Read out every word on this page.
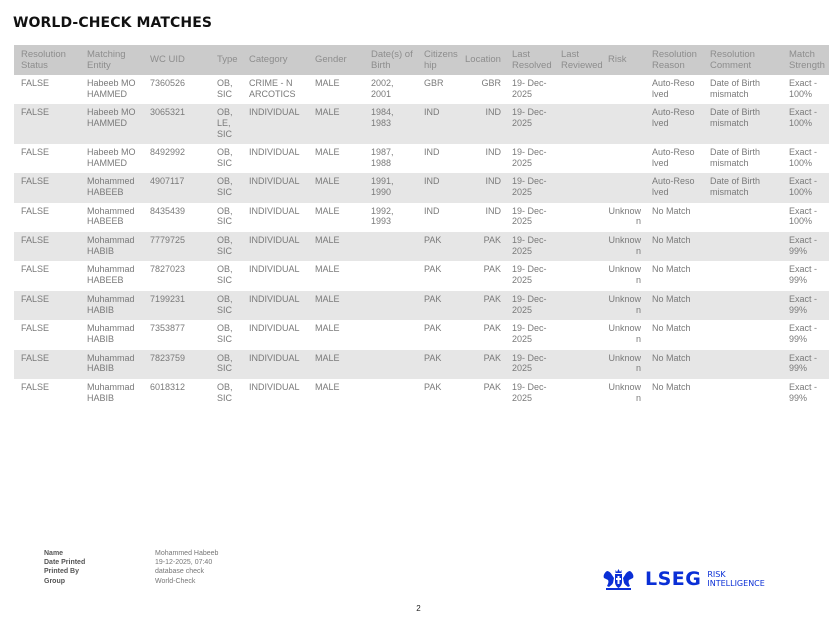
WORLD-CHECK MATCHES
Resolution Status	Matching Entity	WC UID	Type	Category	Gender	Date(s) of Birth	Citizens hip	Location	Last Resolved	Last Reviewed	Risk	Resolution Reason	Resolution Comment	Match Strength
FALSE	Habeeb MO HAMMED	7360526	OB, SIC	CRIME - N ARCOTICS	MALE	2002, 2001	GBR	GBR	19- Dec-2025			Auto-Reso lved	Date of Birth mismatch	Exact - 100%
FALSE	Habeeb MO HAMMED	3065321	OB, LE, SIC	INDIVIDUAL	MALE	1984, 1983	IND	IND	19- Dec-2025			Auto-Reso lved	Date of Birth mismatch	Exact - 100%
FALSE	Habeeb MO HAMMED	8492992	OB, SIC	INDIVIDUAL	MALE	1987, 1988	IND	IND	19- Dec-2025			Auto-Reso lved	Date of Birth mismatch	Exact - 100%
FALSE	Mohammed HABEEB	4907117	OB, SIC	INDIVIDUAL	MALE	1991, 1990	IND	IND	19- Dec-2025			Auto-Reso lved	Date of Birth mismatch	Exact - 100%
FALSE	Mohammed HABEEB	8435439	OB, SIC	INDIVIDUAL	MALE	1992, 1993	IND	IND	19- Dec-2025		Unknown	No Match		Exact - 100%
FALSE	Mohammad HABIB	7779725	OB, SIC	INDIVIDUAL	MALE		PAK	PAK	19- Dec-2025		Unknown	No Match		Exact - 99%
FALSE	Muhammad HABEEB	7827023	OB, SIC	INDIVIDUAL	MALE		PAK	PAK	19- Dec-2025		Unknown	No Match		Exact - 99%
FALSE	Muhammad HABIB	7199231	OB, SIC	INDIVIDUAL	MALE		PAK	PAK	19- Dec-2025		Unknown	No Match		Exact - 99%
FALSE	Muhammad HABIB	7353877	OB, SIC	INDIVIDUAL	MALE		PAK	PAK	19- Dec-2025		Unknown	No Match		Exact - 99%
FALSE	Muhammad HABIB	7823759	OB, SIC	INDIVIDUAL	MALE		PAK	PAK	19- Dec-2025		Unknown	No Match		Exact - 99%
FALSE	Muhammad HABIB	6018312	OB, SIC	INDIVIDUAL	MALE		PAK	PAK	19- Dec-2025		Unknown	No Match		Exact - 99%
Name	Mohammed Habeeb
Date Printed	19-12-2025, 07:40
Printed By	database check
Group	World-Check	LSEG RISK
INTELLIGENCE
2
